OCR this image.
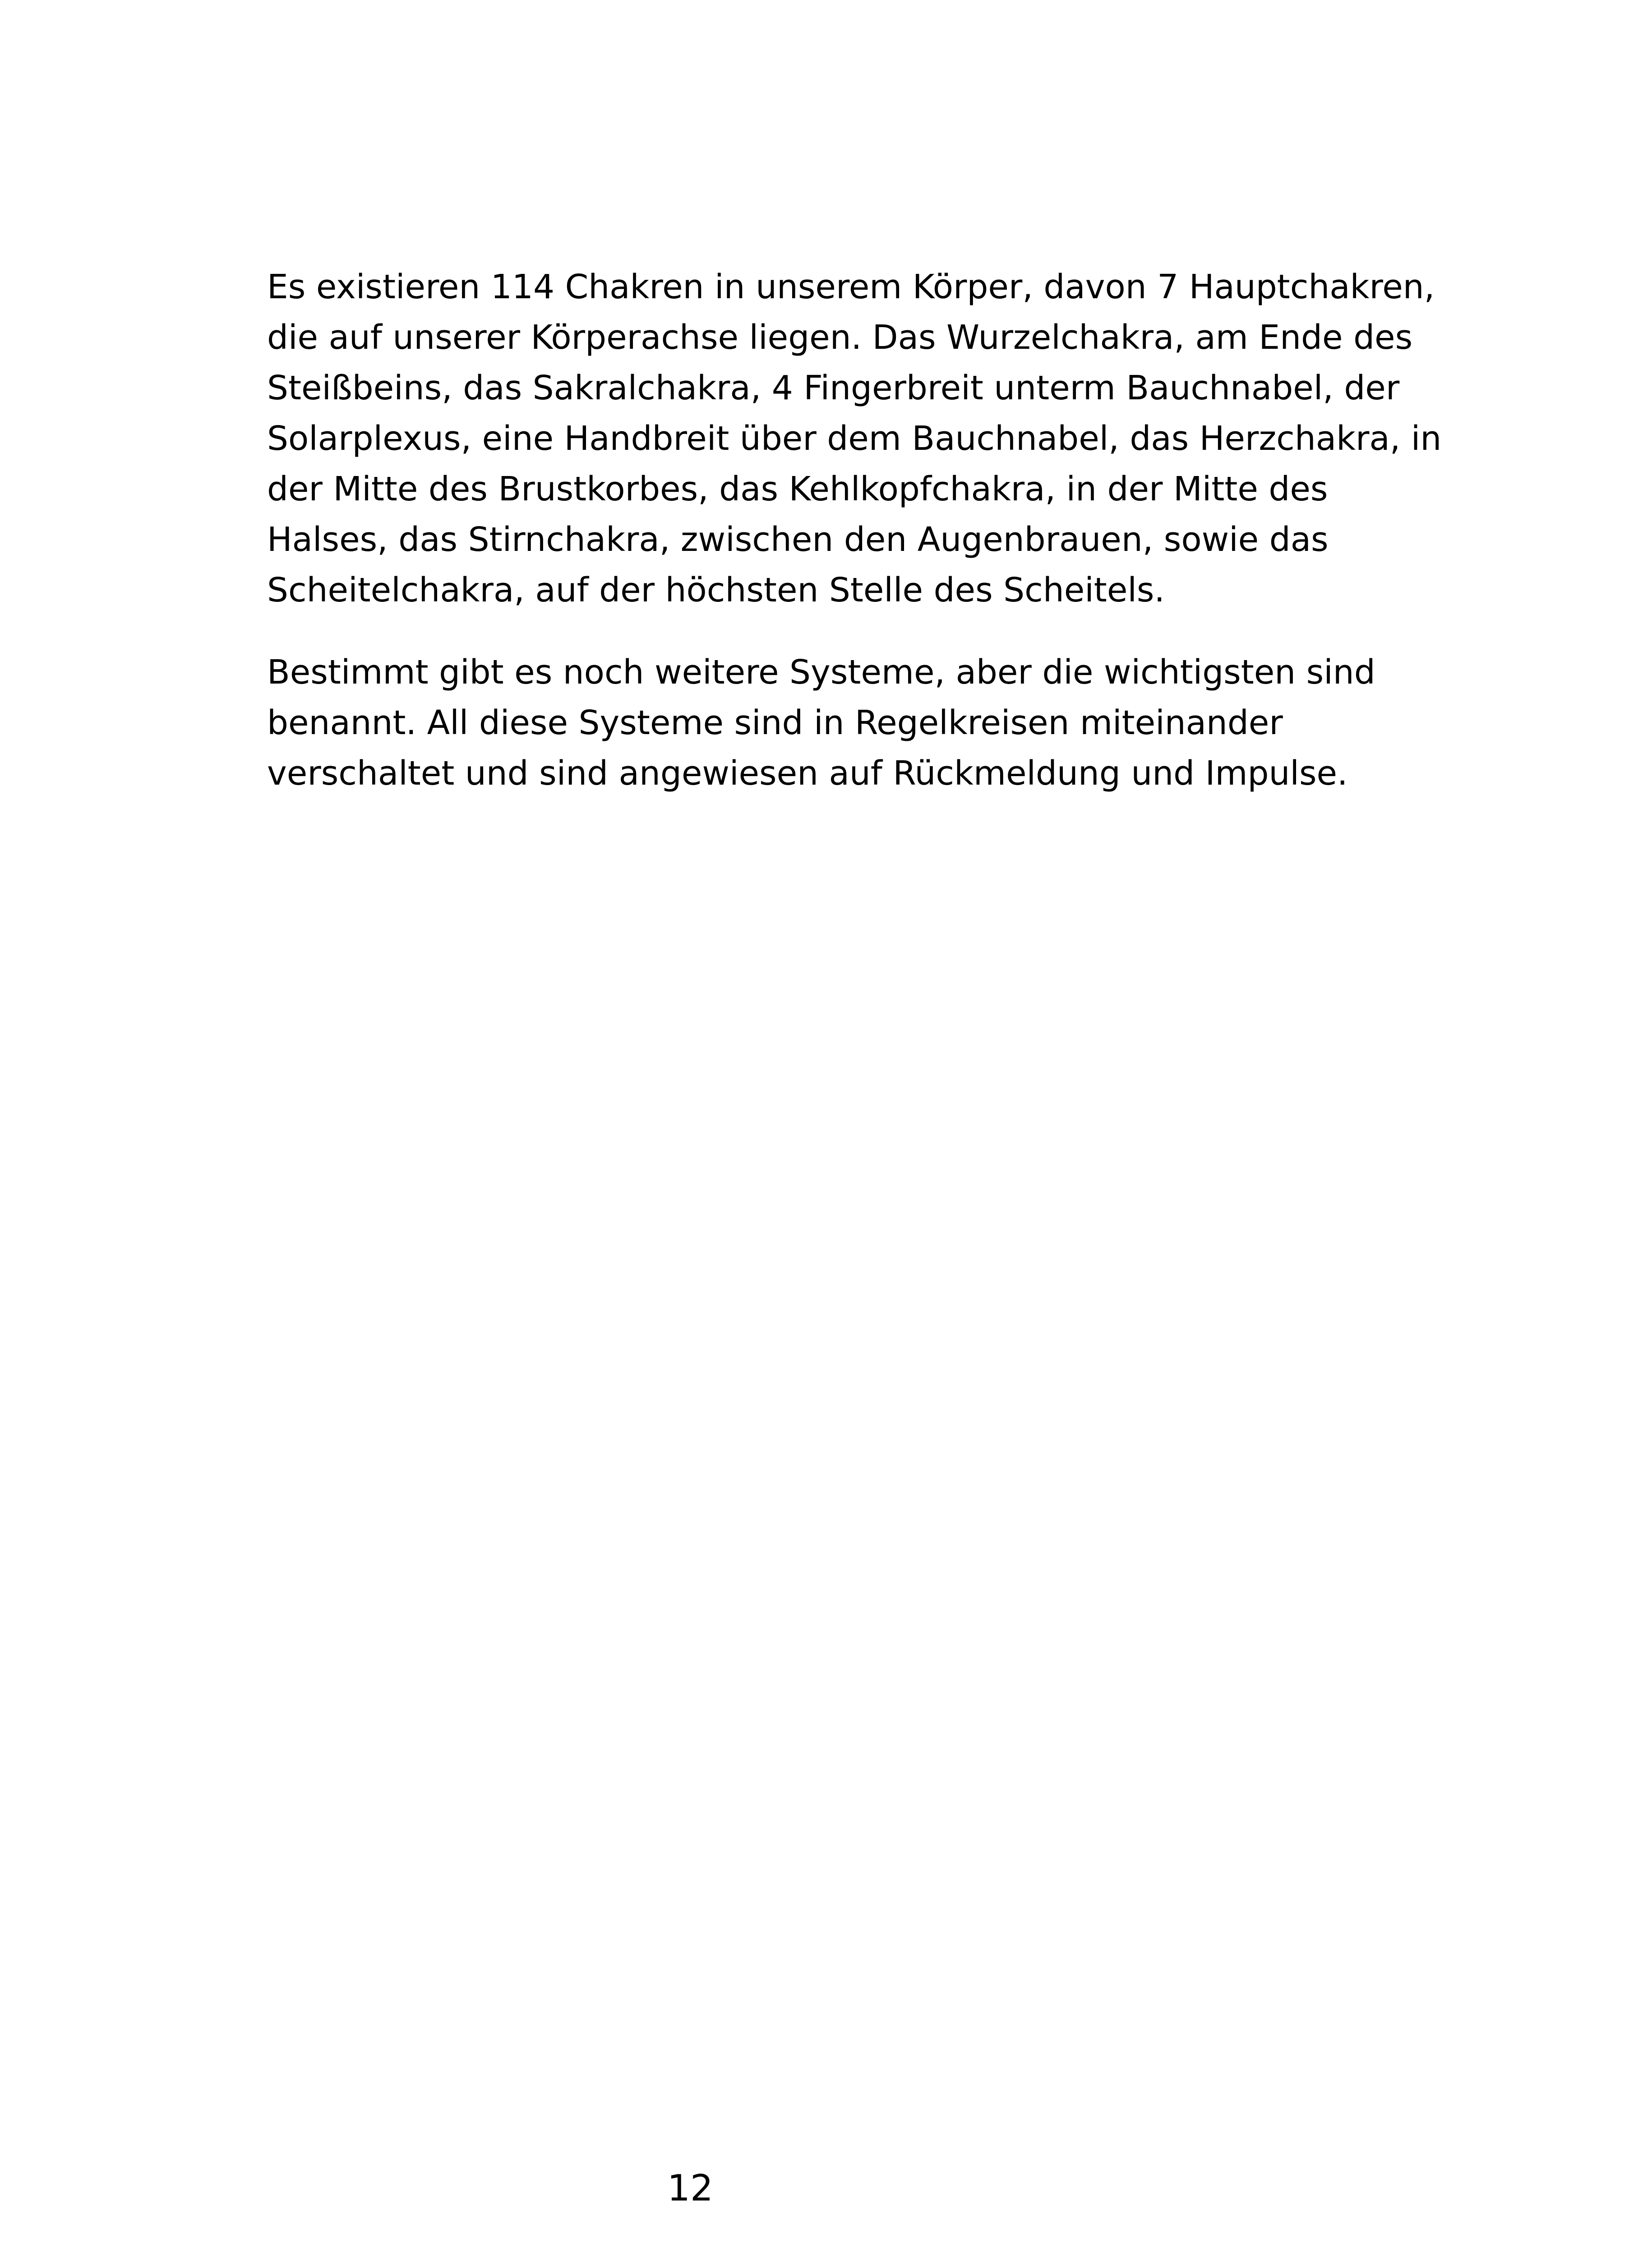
Es existieren 114 Chakren in unserem Körper, davon 7 Hauptchakren,
die auf unserer Körperachse liegen. Das Wurzelchakra, am Ende des
Steißbeins, das Sakralchakra, 4 Fingerbreit unterm Bauchnabel, der
Solarplexus, eine Handbreit über dem Bauchnabel, das Herzchakra, in
der Mitte des Brustkorbes, das Kehlkopfchakra, in der Mitte des
Halses, das Stirnchakra, zwischen den Augenbrauen, sowie das
Scheitelchakra, auf der höchsten Stelle des Scheitels.

Bestimmt gibt es noch weitere Systeme, aber die wichtigsten sind
benannt. All diese Systeme sind in Regelkreisen miteinander
verschaltet und sind angewiesen auf Rückmeldung und Impulse.

12
